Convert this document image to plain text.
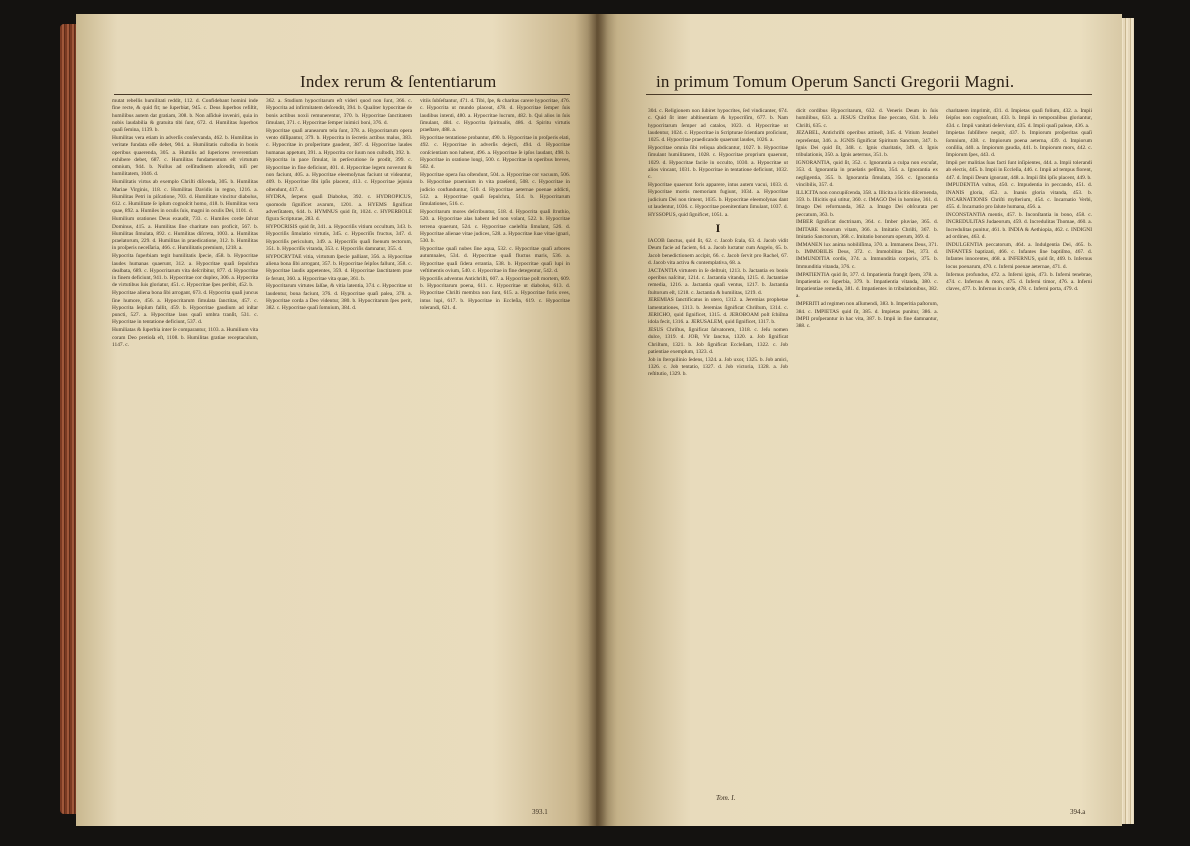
Index rerum & ſententiarum

mutat rebellis humilitati reddit, 112. d. Confidebant homini inde fine recte, & quid fit; ne ſuperbiat, 945. c. Deus ſuperbos refiſtit, humilibus autem dat gratiam, 308. b. Non aſſiduè inveniri, quia in nobis laudabilia & gratuita tibi ſunt, 672. d. Humilitas ſuperbos quaſi ſemina, 1139. b.

Humilitas vera etiam in adverſis conſervanda, 462. b. Humilitas in veritate fundata eſſe debet, 904. a. Humilitatis cuſtodia in bonis operibus quaerenda, 305. a. Humilis ad ſuperiores reverentiam exhibere debet, 687. c. Humilitas fundamentum eſt virtutum omnium, 944. b. Nullus ad celſitudinem aſcendit, niſi per humilitatem, 1046. d.

Humilitatis virtus ab exemplo Chriſti diſcenda, 305. b. Humilitas Mariae Virginis, 118. c. Humilitas Davidis in regno, 1216. a. Humilitas Petri in piſcatione, 703. d. Humilitate vincitur diabolus, 612. c. Humilitate ſe ipſum cognoſcit homo, 418. b. Humilitas vera quae, 892. a. Humiles in oculis ſuis, magni in oculis Dei, 1101. d.

Humilium orationes Deus exaudit, 733. c. Humiles corde ſalvat Dominus, 415. a. Humilitas ſine charitate non proficit, 567. b. Humilitas ſimulata, 892. c. Humilitas diſcreta, 1003. a. Humilitas praelatorum, 229. d. Humilitas in praedicatione, 312. b. Humilitas in proſperis neceſſaria, 466. c. Humilitatis premium, 1218. a.

Hypocrita ſuperbiam tegit humilitatis ſpecie, 458. b. Hypocritae laudes humanas quaerunt, 312. a. Hypocritae quaſi ſepulchra dealbata, 689. c. Hypocritarum vita deſcribitur, 877. d. Hypocritae in finem deficiunt, 941. b. Hypocritae cor duplex, 306. a. Hypocrita de virtutibus ſuis gloriatur, 451. c. Hypocritae ſpes peribit, 452. b.

Hypocritae aliena bona ſibi arrogant, 673. d. Hypocrita quaſi juncus ſine humore, 456. a. Hypocritarum ſimulata ſanctitas, 457. c. Hypocrita ſeipſum fallit, 459. b. Hypocritae gaudium ad inſtar puncti, 527. a. Hypocritae laus quaſi umbra tranſit, 531. c. Hypocritae in tentatione deficiunt, 537. d.

Humiliatas & ſuperbia inter ſe comparantur, 1103. a. Humilium vita coram Deo pretioſa eſt, 1108. b. Humilitas gratiae receptaculum, 1147. c.

362. a. Studium hypocritarum eſt videri quod non ſunt, 366. c. Hypocrita ad infirmitatem deſcendit, 394. b. Qualiter hypocritae de bonis actibus noxii remunerentur, 370. b. Hypocritae ſanctitatem ſimulant, 371. c. Hypocritae ſemper inimici boni, 376. d.

Hypocritae quaſi aranearum tela ſunt, 378. a. Hypocritarum opera vento diſſipantur, 379. b. Hypocrita in ſecretis actibus malus, 383. c. Hypocritae in proſperitate gaudent, 387. d. Hypocritae laudes humanas appetunt, 391. a. Hypocrita cor ſuum non cuſtodit, 392. b.

Hypocrita in pace ſimulat, in perſecutione ſe prodit, 399. c. Hypocritae in fine deficiunt, 401. d. Hypocritae legem noverunt & non faciunt, 405. a. Hypocritae eleemoſynas faciunt ut videantur, 409. b. Hypocritae ſibi ipſis placent, 413. c. Hypocritae jejunia oſtendunt, 417. d.

HYDRA, ſerpens quaſi Diabolus, 392. c. HYDROPICUS, quomodo ſignificet avarum, 1201. a. HYEMS ſignificat adverſitatem, 644. b. HYMNUS quid ſit, 1024. c. HYPERBOLE figura Scripturae, 283. d.

HYPOCRISIS quid ſit, 341. a. Hypocriſis vitium occultum, 343. b. Hypocriſis ſimulatio virtutis, 345. c. Hypocriſis fructus, 347. d. Hypocriſis periculum, 349. a. Hypocriſis quaſi foenum tectorum, 351. b. Hypocriſis vitanda, 353. c. Hypocriſis damnatur, 355. d.

HYPOCRYTAE vitia, virtutum ſpecie palliant, 356. a. Hypocritae aliena bona ſibi arrogant, 357. b. Hypocritae ſeipſos fallunt, 358. c. Hypocritae laudis appetentes, 359. d. Hypocritae ſanctitatem prae ſe ferunt, 360. a. Hypocritae vita quae, 361. b.

Hypocritarum virtutes ſalſae, & vitia latentia, 374. c. Hypocritae ut laudentur, bona faciunt, 376. d. Hypocritae quaſi palea, 378. a. Hypocritae corda a Deo videntur, 380. b. Hypocritarum ſpes perit, 382. c. Hypocritae quaſi ſomnium, 384. d.

vitiis ſubſeſtantur, 471. d. Tibi, ſpe, & charitas carere hypocritae, 476. c. Hypocrita ut mundo placeat, 478. d. Hypocritae ſemper ſuis laudibus intenti, 480. a. Hypocritae lucrum, 482. b. Qui alios in ſuis ſimulant, 484. c. Hypocrita ſpiritualis, 486. d. Spiritu virtutis praeſtare, 488. a.

Hypocritae tentatione probantur, 490. b. Hypocritae in proſperis elati, 492. c. Hypocritae in adverſis dejecti, 494. d. Hypocritae conſcientiam non habent, 496. a. Hypocritae ſe ipſos laudant, 498. b. Hypocritae in oratione longi, 500. c. Hypocritae in operibus breves, 502. d.

Hypocritae opera ſua oſtendunt, 504. a. Hypocritae cor vacuum, 506. b. Hypocritae praemium in vita praeſenti, 508. c. Hypocritae in judicio confunduntur, 510. d. Hypocritae aeternae poenae addicti, 512. a. Hypocritae quaſi ſepulchra, 514. b. Hypocritarum ſimulationes, 516. c.

Hypocritarum mores deſcribuntur, 518. d. Hypocrita quaſi ſtruthio, 520. a. Hypocritae alas habent ſed non volant, 522. b. Hypocritae terrena quaerunt, 524. c. Hypocritae caeleſtia ſimulant, 526. d. Hypocritae alienae vitae judices, 528. a. Hypocritae ſuae vitae ignari, 530. b.

Hypocritae quaſi nubes ſine aqua, 532. c. Hypocritae quaſi arbores autumnales, 534. d. Hypocritae quaſi fluctus maris, 536. a. Hypocritae quaſi ſidera errantia, 538. b. Hypocritae quaſi lupi in veſtimentis ovium, 540. c. Hypocritae in fine detegentur, 542. d.

Hypocriſis adventus Antichriſti, 607. a. Hypocritae poſt mortem, 609. b. Hypocritarum poena, 611. c. Hypocritae ut diabolus, 613. d. Hypocritae Chriſti membra non ſunt, 615. a. Hypocritae foris oves, intus lupi, 617. b. Hypocritae in Eccleſia, 619. c. Hypocritae tolerandi, 621. d.

393.1
in primum Tomum Operum Sancti Gregorii Magni.

304. c. Religionem non ſubiret hypocrites, ſed vindicanter, 674. c. Quid ſit inter abſtinentiam & hypocriſim, 677. b. Nam hypocritarum ſemper ad catalos, 1023. d. Hypocritae ut laudentur, 1024. c. Hypocritae in Scripturae ſcientiam proſiciunt, 1025. d. Hypocritae praedicando quaerunt laudes, 1026. a.

Hypocritae omnia ſibi reliqua abdicantur, 1027. b. Hypocritae ſimulant humilitatem, 1028. c. Hypocritae proprium quaerunt, 1029. d. Hypocritae facile in occulto, 1030. a. Hypocritae ut alios vincant, 1031. b. Hypocritae in tentatione deficiunt, 1032. c.

Hypocritae quaerunt foris apparere, intus autem vacui, 1033. d. Hypocritae mortis memoriam fugiunt, 1034. a. Hypocritae judicium Dei non timent, 1035. b. Hypocritae eleemoſynas dant ut laudentur, 1036. c. Hypocritae poenitentiam ſimulant, 1037. d.

HYSSOPUS, quid ſignificet, 1051. a.

I

IACOB ſanctus, quid ſit, 62. c. Jacob ſcala, 63. d. Jacob vidit Deum facie ad faciem, 64. a. Jacob luctatur cum Angelo, 65. b. Jacob benedictionem accipit, 66. c. Jacob ſervit pro Rachel, 67. d. Jacob vita activa & contemplativa, 68. a.

JACTANTIA virtutem in ſe deſtruit, 1213. b. Jactantia ex bonis operibus naſcitur, 1214. c. Jactantia vitanda, 1215. d. Jactantiae remedia, 1216. a. Jactantia quaſi ventus, 1217. b. Jactantia ſtultorum eſt, 1218. c. Jactantia & humilitas, 1219. d.

JEREMIAS ſanctificatus in utero, 1312. a. Jeremias prophetae lamentationes, 1313. b. Jeremias ſignificat Chriſtum, 1314. c. JERICHO, quid ſignificet, 1315. d. JEROBOAM poſt ſchiſma idola fecit, 1316. a. JERUSALEM, quid ſignificet, 1317. b.

JESUS Chriſtus, ſignificat ſalvatorem, 1318. c. Jeſu nomen dulce, 1319. d. JOB, Vir ſanctus, 1320. a. Job ſignificat Chriſtum, 1321. b. Job ſignificat Eccleſiam, 1322. c. Job patientiae exemplum, 1323. d.

Job in ſterquilinio ſedens, 1324. a. Job uxor, 1325. b. Job amici, 1326. c. Job tentatio, 1327. d. Job victoria, 1328. a. Job reſtitutio, 1329. b.

dicit cordibus Hypocritarum, 632. d. Veneris Deum in ſuis humilibus, 633. a. JESUS Chriſtus ſine peccato, 634. b. Jeſu Chriſti, 635. c.

JEZABEL, Antichriſti operibus attineſt, 345. d. Vitium Jezabel repreſentat, 346. a. JGNIS ſignificat Spiritum Sanctum, 347. b. Ignis Dei quid ſit, 348. c. Ignis charitatis, 349. d. Ignis tribulationis, 350. a. Ignis aeternus, 351. b.

IGNORANTIA, quid ſit, 352. c. Ignorantia a culpa non excuſat, 353. d. Ignorantia in praelatis peſſima, 354. a. Ignorantia ex negligentia, 355. b. Ignorantia ſimulata, 356. c. Ignorantia vincibilis, 357. d.

ILLICITA non concupiſcenda, 358. a. Illicita a licitis diſcernenda, 359. b. Illicitis qui utitur, 360. c. IMAGO Dei in homine, 361. d. Imago Dei reformanda, 362. a. Imago Dei obſcurata per peccatum, 363. b.

IMBER ſignificat doctrinam, 364. c. Imber pluviae, 365. d. IMITARE bonorum vitam, 366. a. Imitatio Chriſti, 367. b. Imitatio Sanctorum, 368. c. Imitatio bonorum operum, 369. d.

IMMANEN lux anima nobiliſſima, 370. a. Immanens Deus, 371. b. IMMOBILIS Deus, 372. c. Immobilitas Dei, 373. d. IMMUNDITIA cordis, 374. a. Immunditia corporis, 375. b. Immunditia vitanda, 376. c.

IMPATIENTIA quid ſit, 377. d. Impatientia frangit ſpem, 378. a. Impatientia ex ſuperbia, 379. b. Impatientia vitanda, 380. c. Impatientiae remedia, 381. d. Impatientes in tribulationibus, 382. a.

IMPERITI ad regimen non aſſumendi, 383. b. Imperitia paſtorum, 384. c. IMPIETAS quid ſit, 385. d. Impietas punitur, 386. a. IMPII proſperantur in hac vita, 387. b. Impii in fine damnantur, 388. c.

charitatem imprimit, 431. d. Impietas quaſi folium, 432. a. Impii ſeipſos non cognoſcunt, 433. b. Impii in temporalibus gloriantur, 434. c. Impii vanitati deſerviunt, 435. d. Impii quaſi paleae, 436. a.

Impietas ſubſiſtere nequit, 437. b. Impiorum proſperitas quaſi ſomnium, 438. c. Impiorum poena aeterna, 439. d. Impiorum conſilia, 440. a. Impiorum gaudia, 441. b. Impiorum mors, 442. c. Impiorum ſpes, 443. d.

Impii per malitias ſuas facti ſunt inſipientes, 444. a. Impii tolerandi ab electis, 445. b. Impii in Eccleſia, 446. c. Impii ad tempus florent, 447. d. Impii Deum ignorant, 448. a. Impii ſibi ipſis placent, 449. b.

IMPUDENTIA vultus, 450. c. Impudentia in peccando, 451. d. INANIS gloria, 452. a. Inanis gloria vitanda, 453. b. INCARNATIONIS Chriſti myſterium, 454. c. Incarnatio Verbi, 455. d. Incarnatio pro ſalute humana, 456. a.

INCONSTANTIA mentis, 457. b. Inconſtantia in bono, 458. c. INCREDULITAS Judaeorum, 459. d. Incredulitas Thomae, 460. a. Incredulitas punitur, 461. b. INDIA & Aethiopia, 462. c. INDIGNI ad ordines, 463. d.

INDULGENTIA peccatorum, 464. a. Indulgentia Dei, 465. b. INFANTES baptizati, 466. c. Infantes ſine baptiſmo, 467. d. Infantes innocentes, 468. a. INFERNUS, quid ſit, 469. b. Infernus locus poenarum, 470. c. Inferni poenae aeternae, 471. d.

Infernus profundus, 472. a. Inferni ignis, 473. b. Inferni tenebrae, 474. c. Infernus & mors, 475. d. Inferni timor, 476. a. Inferni claves, 477. b. Infernus in corde, 478. c. Inferni porta, 479. d.

Tom. I.
394.a
